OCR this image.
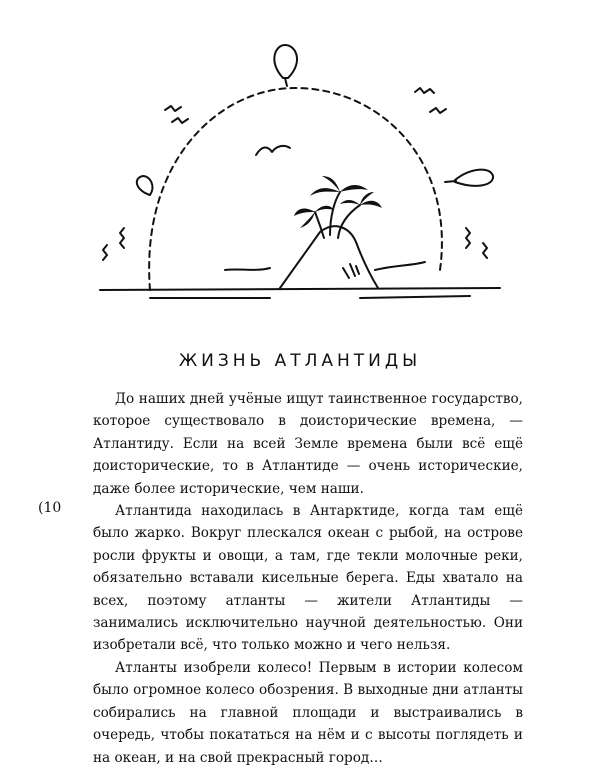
ЖИЗНЬ АТЛАНТИДЫ
(10

До наших дней учёные ищут таинственное государство, которое существовало в доисторические времена, — Атлантиду. Если на всей Земле времена были всё ещё доисторические, то в Атлантиде — очень исторические, даже более исторические, чем наши.

Атлантида находилась в Антарктиде, когда там ещё было жарко. Вокруг плескался океан с рыбой, на острове росли фрукты и овощи, а там, где текли молочные реки, обязательно вставали кисельные берега. Еды хватало на всех, поэтому атланты — жители Атлантиды — занимались исключительно научной деятельностью. Они изобретали всё, что только можно и чего нельзя.

Атланты изобрели колесо! Первым в истории колесом было огромное колесо обозрения. В выходные дни атланты собирались на главной площади и выстраивались в очередь, чтобы покататься на нём и с высоты поглядеть и на океан, и на свой прекрасный город…
